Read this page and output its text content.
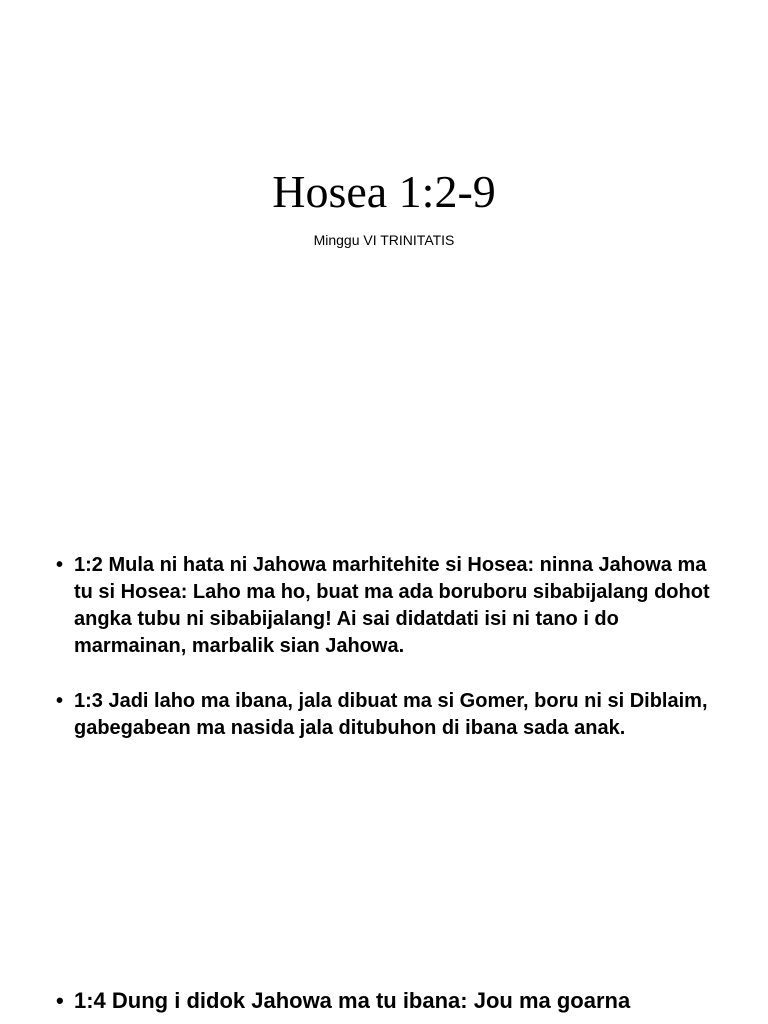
Hosea 1:2-9

Minggu VI TRINITATIS

• 1:2 Mula ni hata ni Jahowa marhitehite si Hosea: ninna Jahowa ma tu si Hosea: Laho ma ho, buat ma ada boruboru sibabijalang dohot angka tubu ni sibabijalang! Ai sai didatdati isi ni tano i do marmainan, marbalik sian Jahowa.
• 1:3 Jadi laho ma ibana, jala dibuat ma si Gomer, boru ni si Diblaim, gabegabean ma nasida jala ditubuhon di ibana sada anak.
• 1:4 Dung i didok Jahowa ma tu ibana: Jou ma goarna
